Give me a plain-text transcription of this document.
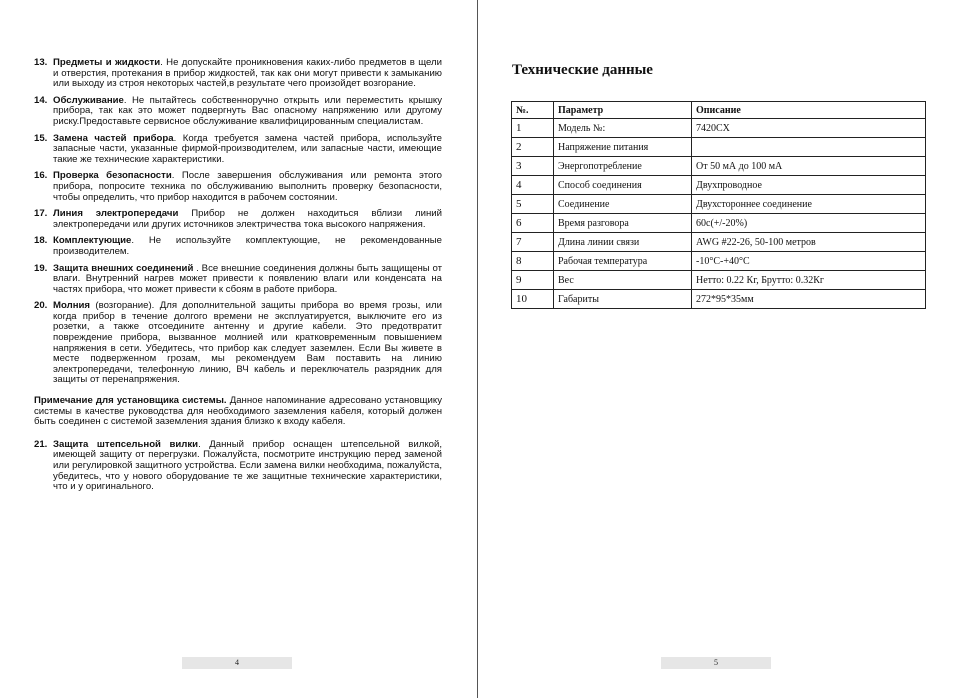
13. Предметы и жидкости. Не допускайте проникновения каких-либо предметов в щели и отверстия, протекания в прибор жидкостей, так как они могут привести к замыканию или выходу из строя некоторых частей,в результате чего произойдет возгорание.
14. Обслуживание. Не пытайтесь собственноручно открыть или переместить крышку прибора, так как это может подвергнуть Вас опасному напряжению или другому риску.Предоставьте сервисное обслуживание квалифицированным специалистам.
15. Замена частей прибора. Когда требуется замена частей прибора, используйте запасные части, указанные фирмой-производителем, или запасные части, имеющие такие же технические характеристики.
16. Проверка безопасности. После завершения обслуживания или ремонта этого прибора, попросите техника по обслуживанию выполнить проверку безопасности, чтобы определить, что прибор находится в рабочем состоянии.
17. Линия электропередачи Прибор не должен находиться вблизи линий электропередачи или других источников электричества тока высокого напряжения.
18. Комплектующие. Не используйте комплектующие, не рекомендованные производителем.
19. Защита внешних соединений . Все внешние соединения должны быть защищены от влаги. Внутренний нагрев может привести к появлению влаги или конденсата на частях прибора, что может привести к сбоям в работе прибора.
20. Молния (возгорание). Для дополнительной защиты прибора во время грозы, или когда прибор в течение долгого времени не эксплуатируется, выключите его из розетки, а также отсоедините антенну и другие кабели. Это предотвратит повреждение прибора, вызванное молнией или кратковременным повышением напряжения в сети. Убедитесь, что прибор как следует заземлен. Если Вы живете в месте подверженном грозам, мы рекомендуем Вам поставить на линию электропередачи, телефонную линию, ВЧ кабель и переключатель разрядник для защиты от перенапряжения.
Примечание для установщика системы. Данное напоминание адресовано установщику системы в качестве руководства для необходимого заземления кабеля, который должен быть соединен с системой заземления здания близко к входу кабеля.
21. Защита штепсельной вилки. Данный прибор оснащен штепсельной вилкой, имеющей защиту от перегрузки. Пожалуйста, посмотрите инструкцию перед заменой или регулировкой защитного устройства. Если замена вилки необходима, пожалуйста, убедитесь, что у нового оборудование те же защитные технические характеристики, что и у оригинального.
4
Технические данные
№.	Параметр	Описание
1	Модель №:	7420CX
2	Напряжение питания	
3	Энергопотребление	От 50 мА до 100 мА
4	Способ соединения	Двухпроводное
5	Соединение	Двухстороннее соединение
6	Время разговора	60с(+/-20%)
7	Длина линии связи	AWG #22-26, 50-100 метров
8	Рабочая температура	-10°C-+40°C
9	Вес	Нетто: 0.22 Кг, Брутто: 0.32Кг
10	Габариты	272*95*35мм
5
